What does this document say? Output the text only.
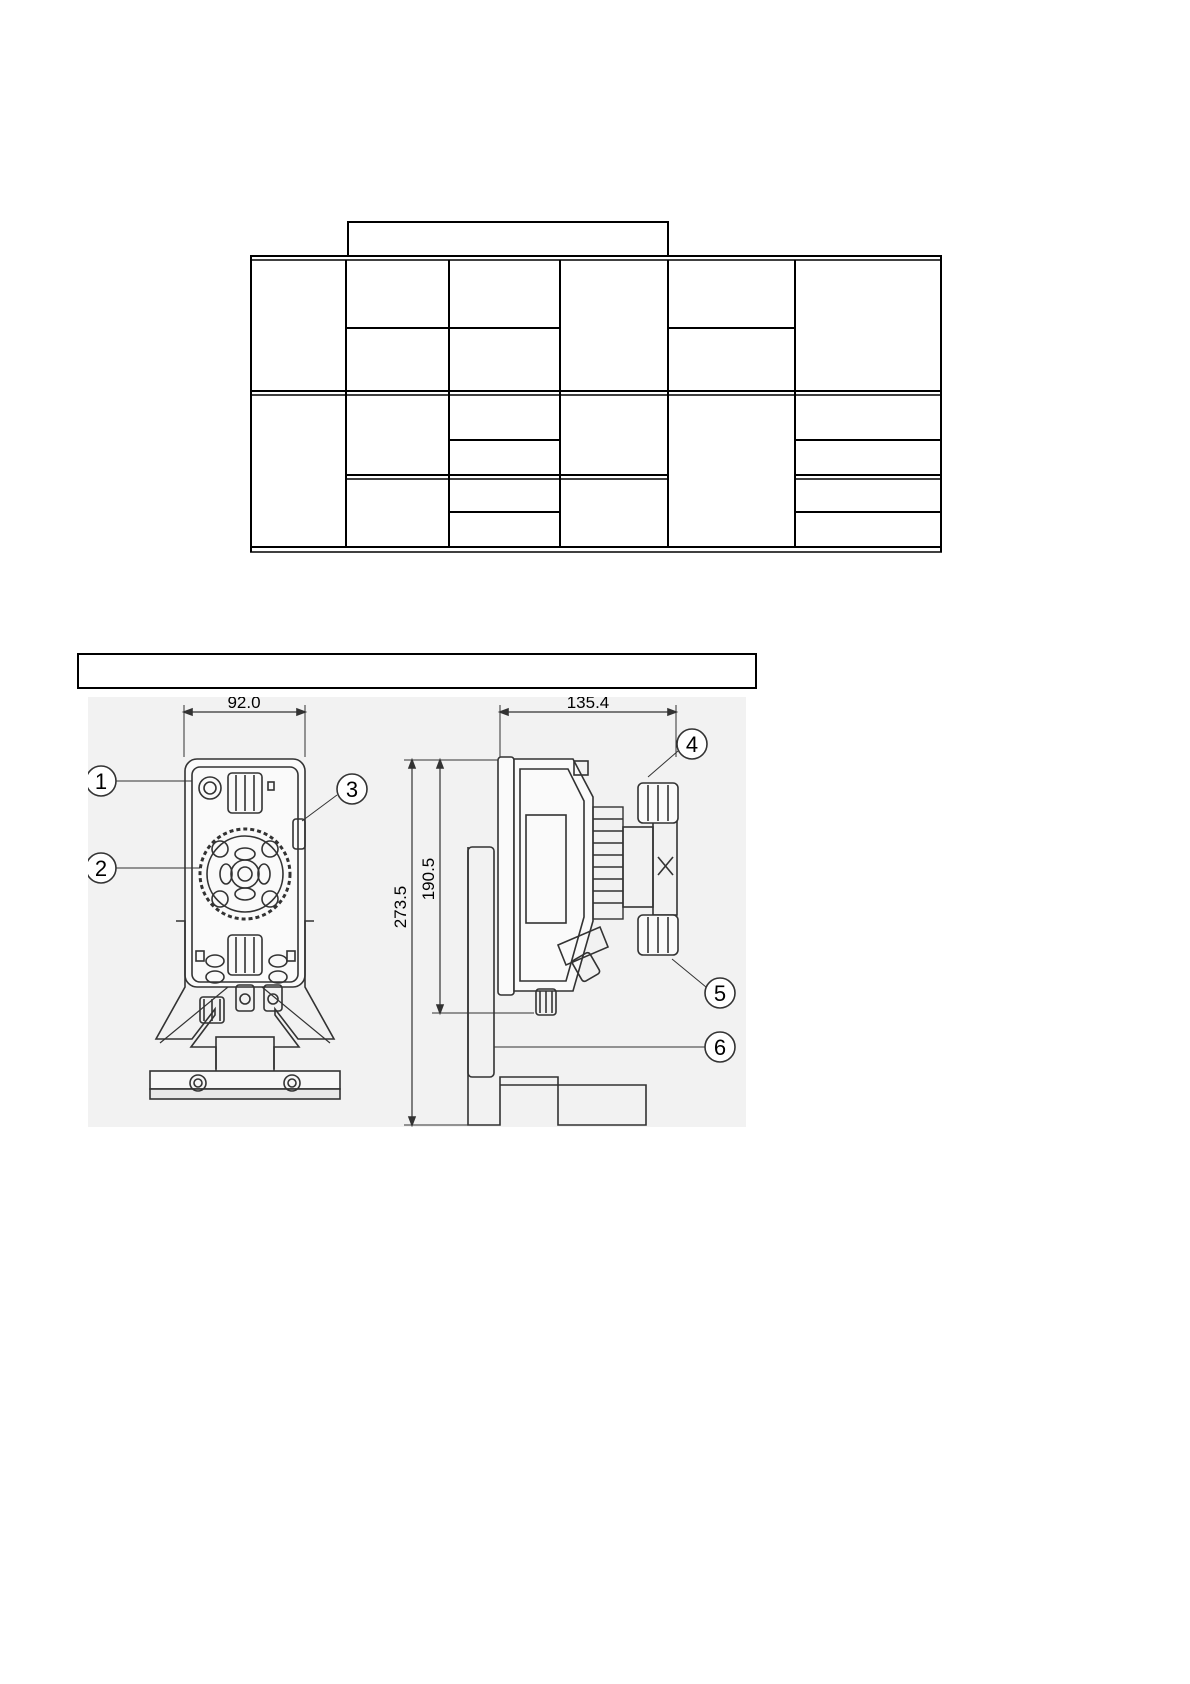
1
2
3
4
5
6
92.0	135.4
273.5
190.5
